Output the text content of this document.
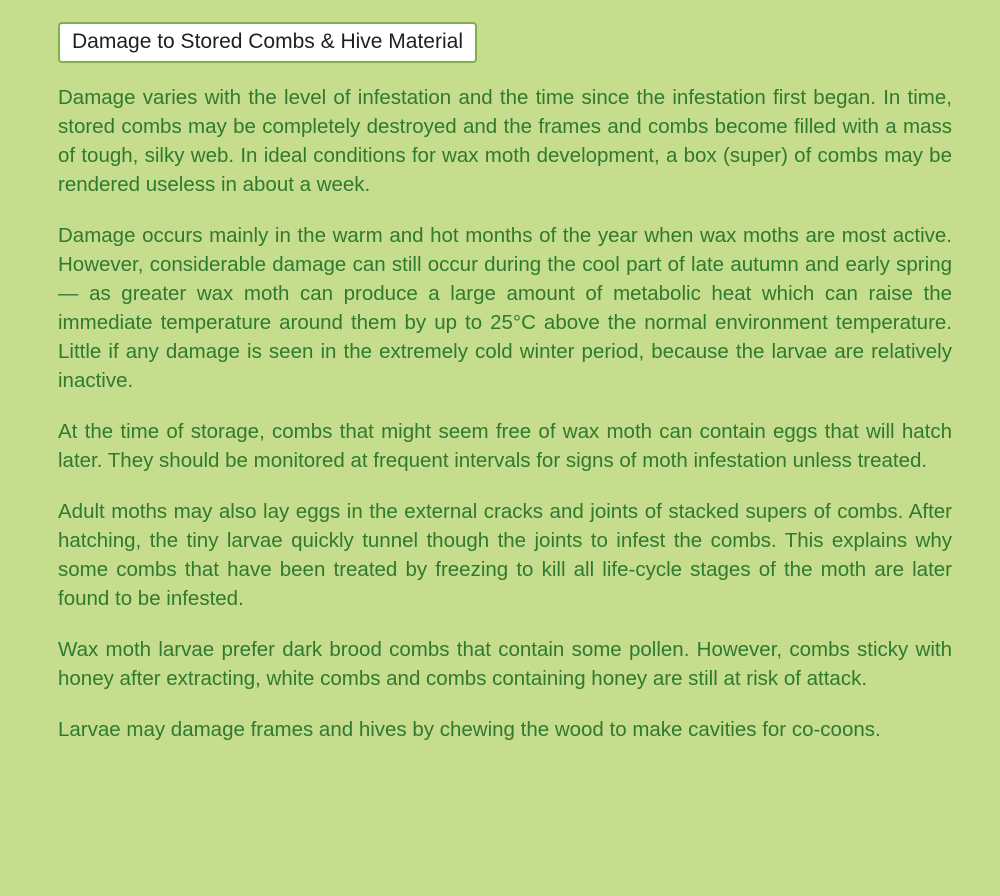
Damage to Stored Combs & Hive Material

Damage varies with the level of infestation and the time since the infestation first began. In time, stored combs may be completely destroyed and the frames and combs become filled with a mass of tough, silky web. In ideal conditions for wax moth development, a box (super) of combs may be rendered useless in about a week.

Damage occurs mainly in the warm and hot months of the year when wax moths are most active. However, considerable damage can still occur during the cool part of late autumn and early spring — as greater wax moth can produce a large amount of metabolic heat which can raise the immediate temperature around them by up to 25°C above the normal environment temperature. Little if any damage is seen in the extremely cold winter period, because the larvae are relatively inactive.

At the time of storage, combs that might seem free of wax moth can contain eggs that will hatch later. They should be monitored at frequent intervals for signs of moth infestation unless treated.

Adult moths may also lay eggs in the external cracks and joints of stacked supers of combs. After hatching, the tiny larvae quickly tunnel though the joints to infest the combs. This explains why some combs that have been treated by freezing to kill all life-cycle stages of the moth are later found to be infested.

Wax moth larvae prefer dark brood combs that contain some pollen. However, combs sticky with honey after extracting, white combs and combs containing honey are still at risk of attack.

Larvae may damage frames and hives by chewing the wood to make cavities for co-coons.
